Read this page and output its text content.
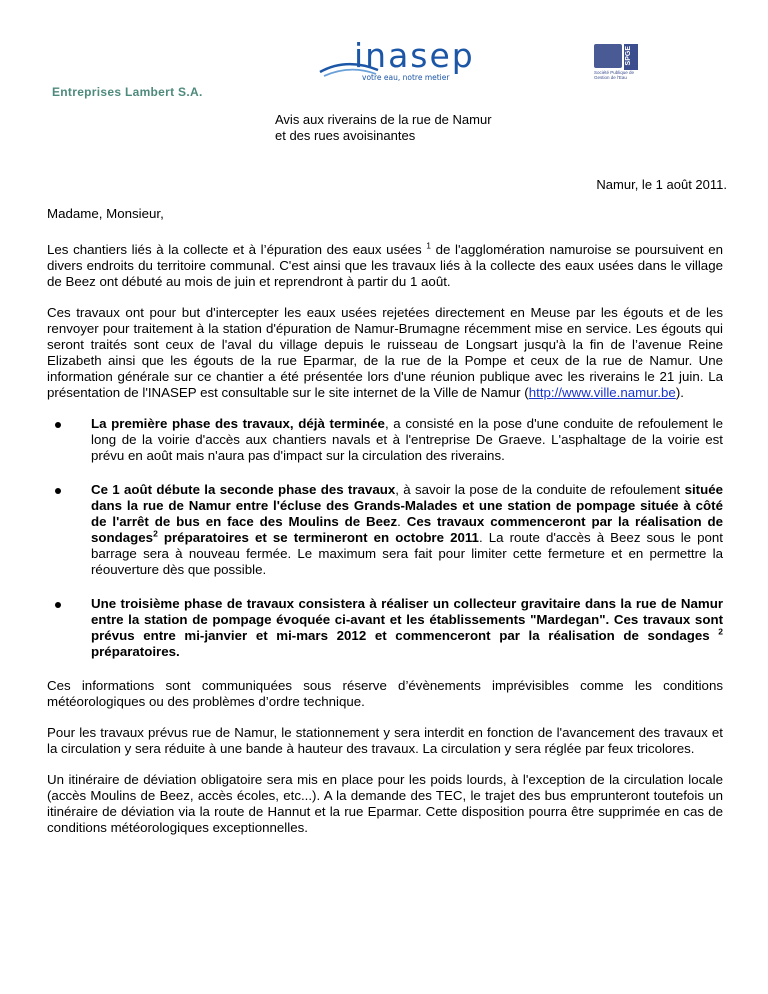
Entreprises Lambert S.A.
inasep
votre eau, notre metier
SPGE
Société Publique de Gestion de l'Eau
Avis aux riverains de la rue de Namur
et des rues avoisinantes
Namur, le 1 août 2011.
Madame, Monsieur,

Les chantiers liés à la collecte et à l’épuration des eaux usées $^1$ de l'agglomération namuroise se poursuivent en divers endroits du territoire communal. C'est ainsi que les travaux liés à la collecte des eaux usées dans le village de Beez ont débuté au mois de juin et reprendront à partir du 1 août.

Ces travaux ont pour but d'intercepter les eaux usées rejetées directement en Meuse par les égouts et de les renvoyer pour traitement à la station d'épuration de Namur-Brumagne récemment mise en service. Les égouts qui seront traités sont ceux de l'aval du village depuis le ruisseau de Longsart jusqu'à la fin de l’avenue Reine Elizabeth ainsi que les égouts de la rue Eparmar, de la rue de la Pompe et ceux de la rue de Namur. Une information générale sur ce chantier a été présentée lors d'une réunion publique avec les riverains le 21 juin. La présentation de l'INASEP est consultable sur le site internet de la Ville de Namur (http://www.ville.namur.be).

La première phase des travaux, déjà terminée, a consisté en la pose d'une conduite de refoulement le long de la voirie d'accès aux chantiers navals et à l'entreprise De Graeve. L'asphaltage de la voirie est prévu en août mais n'aura pas d'impact sur la circulation des riverains.
Ce 1 août débute la seconde phase des travaux, à savoir la pose de la conduite de refoulement située dans la rue de Namur entre l'écluse des Grands-Malades et une station de pompage située à côté de l'arrêt de bus en face des Moulins de Beez. Ces travaux commenceront par la réalisation de sondages$^2$ préparatoires et se termineront en octobre 2011. La route d'accès à Beez sous le pont barrage sera à nouveau fermée. Le maximum sera fait pour limiter cette fermeture et en permettre la réouverture dès que possible.
Une troisième phase de travaux consistera à réaliser un collecteur gravitaire dans la rue de Namur entre la station de pompage évoquée ci-avant et les établissements "Mardegan". Ces travaux sont prévus entre mi-janvier et mi-mars 2012 et commenceront par la réalisation de sondages $^2$ préparatoires.

Ces informations sont communiquées sous réserve d’évènements imprévisibles comme les conditions météorologiques ou des problèmes d’ordre technique.

Pour les travaux prévus rue de Namur, le stationnement y sera interdit en fonction de l'avancement des travaux et la circulation y sera réduite à une bande à hauteur des travaux. La circulation y sera réglée par feux tricolores.

Un itinéraire de déviation obligatoire sera mis en place pour les poids lourds, à l'exception de la circulation locale (accès Moulins de Beez, accès écoles, etc...). A la demande des TEC, le trajet des bus emprunteront toutefois un itinéraire de déviation via la route de Hannut et la rue Eparmar. Cette disposition pourra être supprimée en cas de conditions météorologiques exceptionnelles.
